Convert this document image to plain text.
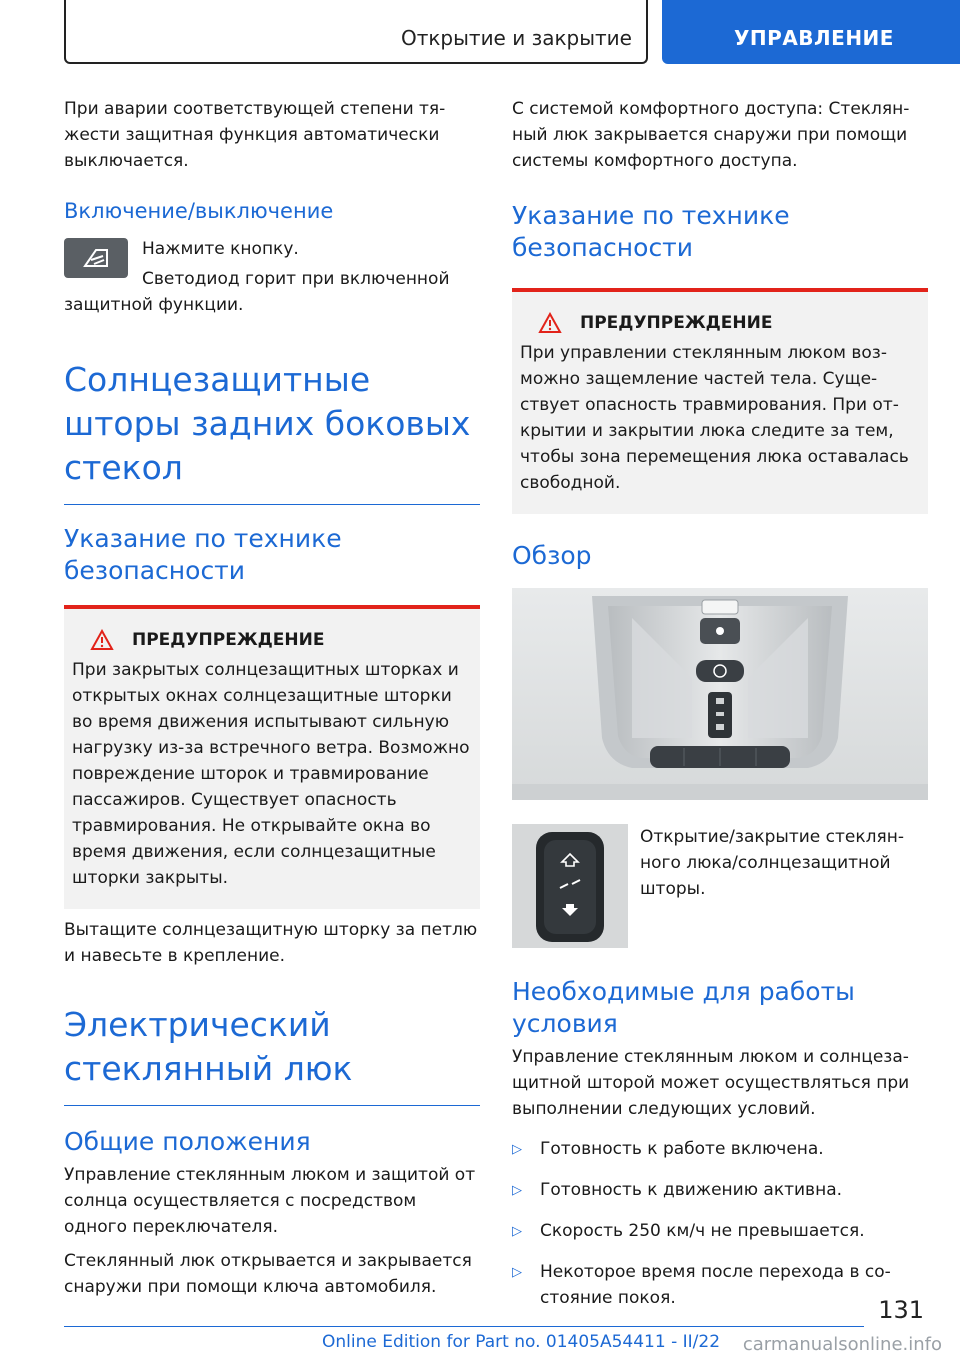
Открытие и закрытие	УПРАВЛЕНИЕ

При аварии соответствующей степени тяжести защитная функция автоматически выключается.

Включение/выключение

Нажмите кнопку.

Светодиод горит при включенной защитной функции.

Солнцезащитные шторы задних боковых стекол

Указание по технике безопасности

ПРЕДУПРЕЖДЕНИЕ

При закрытых солнцезащитных шторках и открытых окнах солнцезащитные шторки во время движения испытывают сильную нагрузку из-за встречного ветра. Возможно повреждение шторок и травмирование пассажиров. Существует опасность травмирования. Не открывайте окна во время движения, если солнцезащитные шторки закрыты.

Вытащите солнцезащитную шторку за петлю и навесьте в крепление.

Электрический стеклянный люк

Общие положения

Управление стеклянным люком и защитой от солнца осуществляется с посредством одного переключателя.

Стеклянный люк открывается и закрывается снаружи при помощи ключа автомобиля.

С системой комфортного доступа: Стеклянный люк закрывается снаружи при помощи системы комфортного доступа.

Указание по технике безопасности

ПРЕДУПРЕЖДЕНИЕ

При управлении стеклянным люком возможно защемление частей тела. Существует опасность травмирования. При открытии и закрытии люка следите за тем, чтобы зона перемещения люка оставалась свободной.

Обзор

Открытие/закрытие стеклянного люка/солнцезащитной шторы.

Необходимые для работы условия

Управление стеклянным люком и солнцезащитной шторой может осуществляться при выполнении следующих условий.

▷	Готовность к работе включена.
▷	Готовность к движению активна.
▷	Скорость 250 км/ч не превышается.
▷	Некоторое время после перехода в состояние покоя.	131
Online Edition for Part no. 01405A54411 - II/22 carmanualsonline.info
